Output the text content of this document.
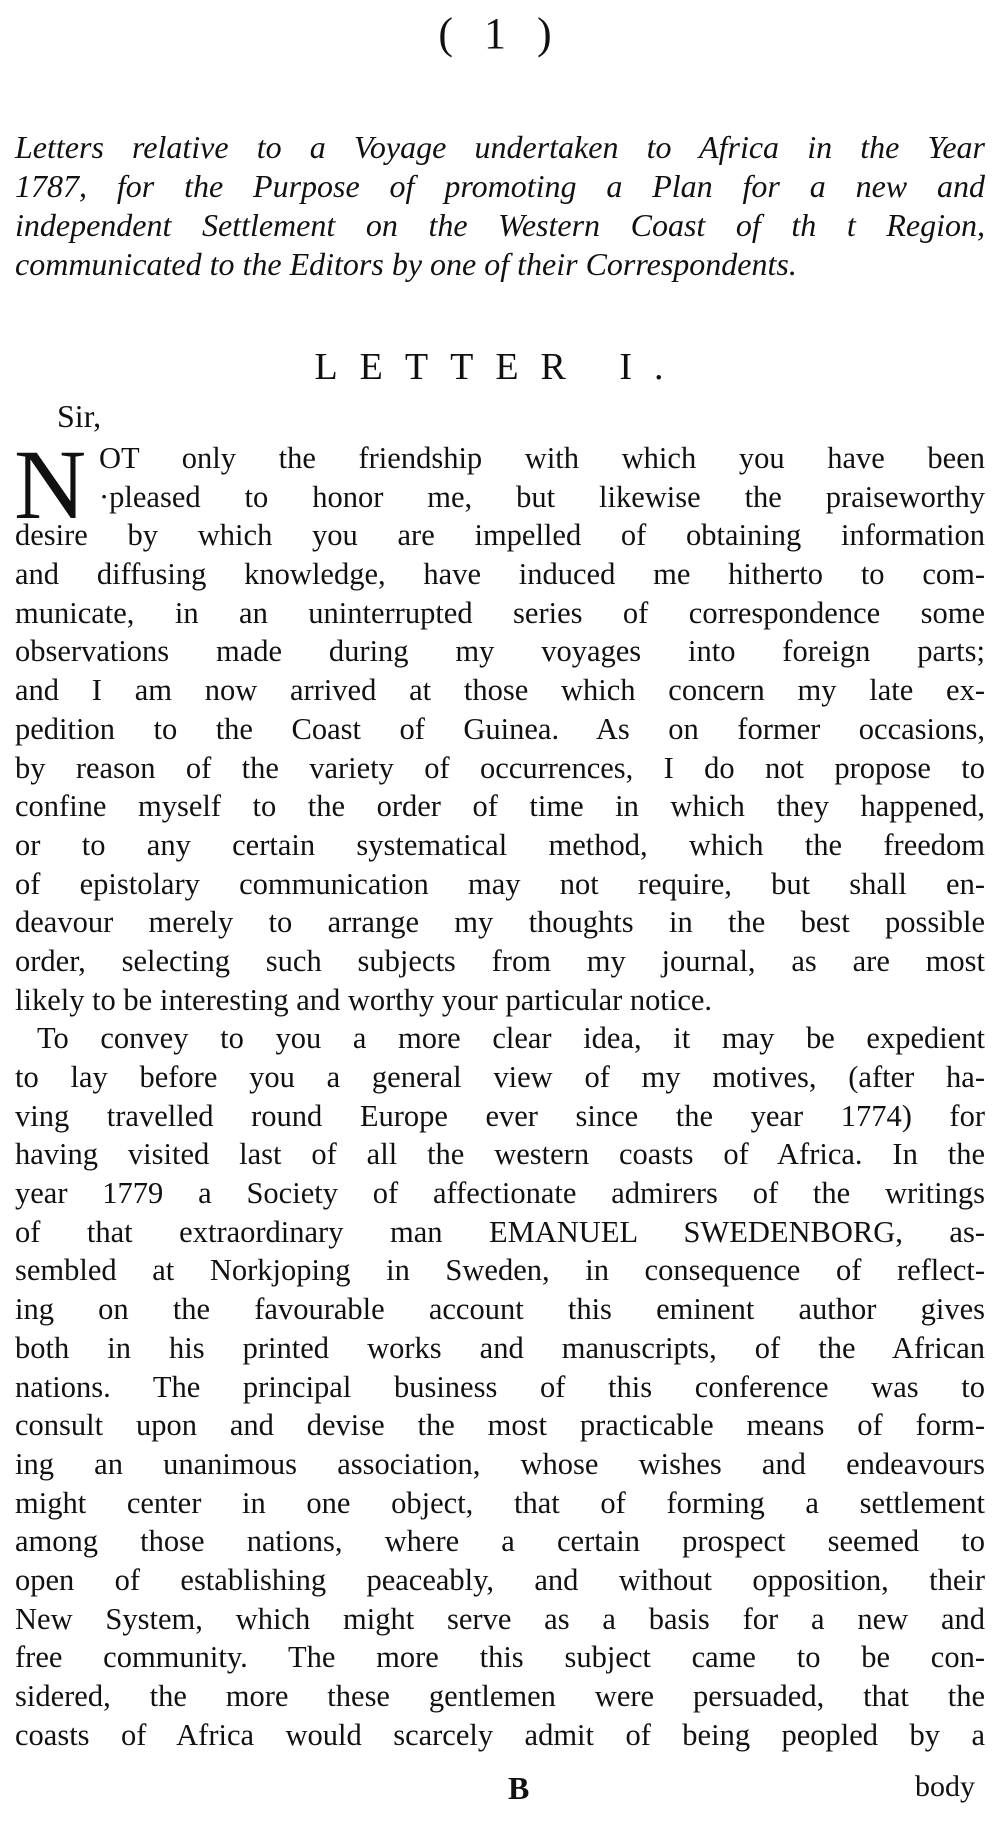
( 1 )
Letters relative to a Voyage undertaken to Africa in the Year
1787, for the Purpose of promoting a Plan for a new and
independent Settlement on the Western Coast of th t Region,
communicated to the Editors by one of their Correspondents.
LETTER I.
Sir,
N OT only the friendship with which you have been
·pleased to honor me, but likewise the praiseworthy
desire by which you are impelled of obtaining information
and diffusing knowledge, have induced me hitherto to com-
municate, in an uninterrupted series of correspondence some
observations made during my voyages into foreign parts;
and I am now arrived at those which concern my late ex-
pedition to the Coast of Guinea. As on former occasions,
by reason of the variety of occurrences, I do not propose to
confine myself to the order of time in which they happened,
or to any certain systematical method, which the freedom
of epistolary communication may not require, but shall en-
deavour merely to arrange my thoughts in the best possible
order, selecting such subjects from my journal, as are most
likely to be interesting and worthy your particular notice.
To convey to you a more clear idea, it may be expedient
to lay before you a general view of my motives, (after ha-
ving travelled round Europe ever since the year 1774) for
having visited last of all the western coasts of Africa. In the
year 1779 a Society of affectionate admirers of the writings
of that extraordinary man EMANUEL SWEDENBORG, as-
sembled at Norkjoping in Sweden, in consequence of reflect-
ing on the favourable account this eminent author gives
both in his printed works and manuscripts, of the African
nations. The principal business of this conference was to
consult upon and devise the most practicable means of form-
ing an unanimous association, whose wishes and endeavours
might center in one object, that of forming a settlement
among those nations, where a certain prospect seemed to
open of establishing peaceably, and without opposition, their
New System, which might serve as a basis for a new and
free community. The more this subject came to be con-
sidered, the more these gentlemen were persuaded, that the
coasts of Africa would scarcely admit of being peopled by a
B	body
